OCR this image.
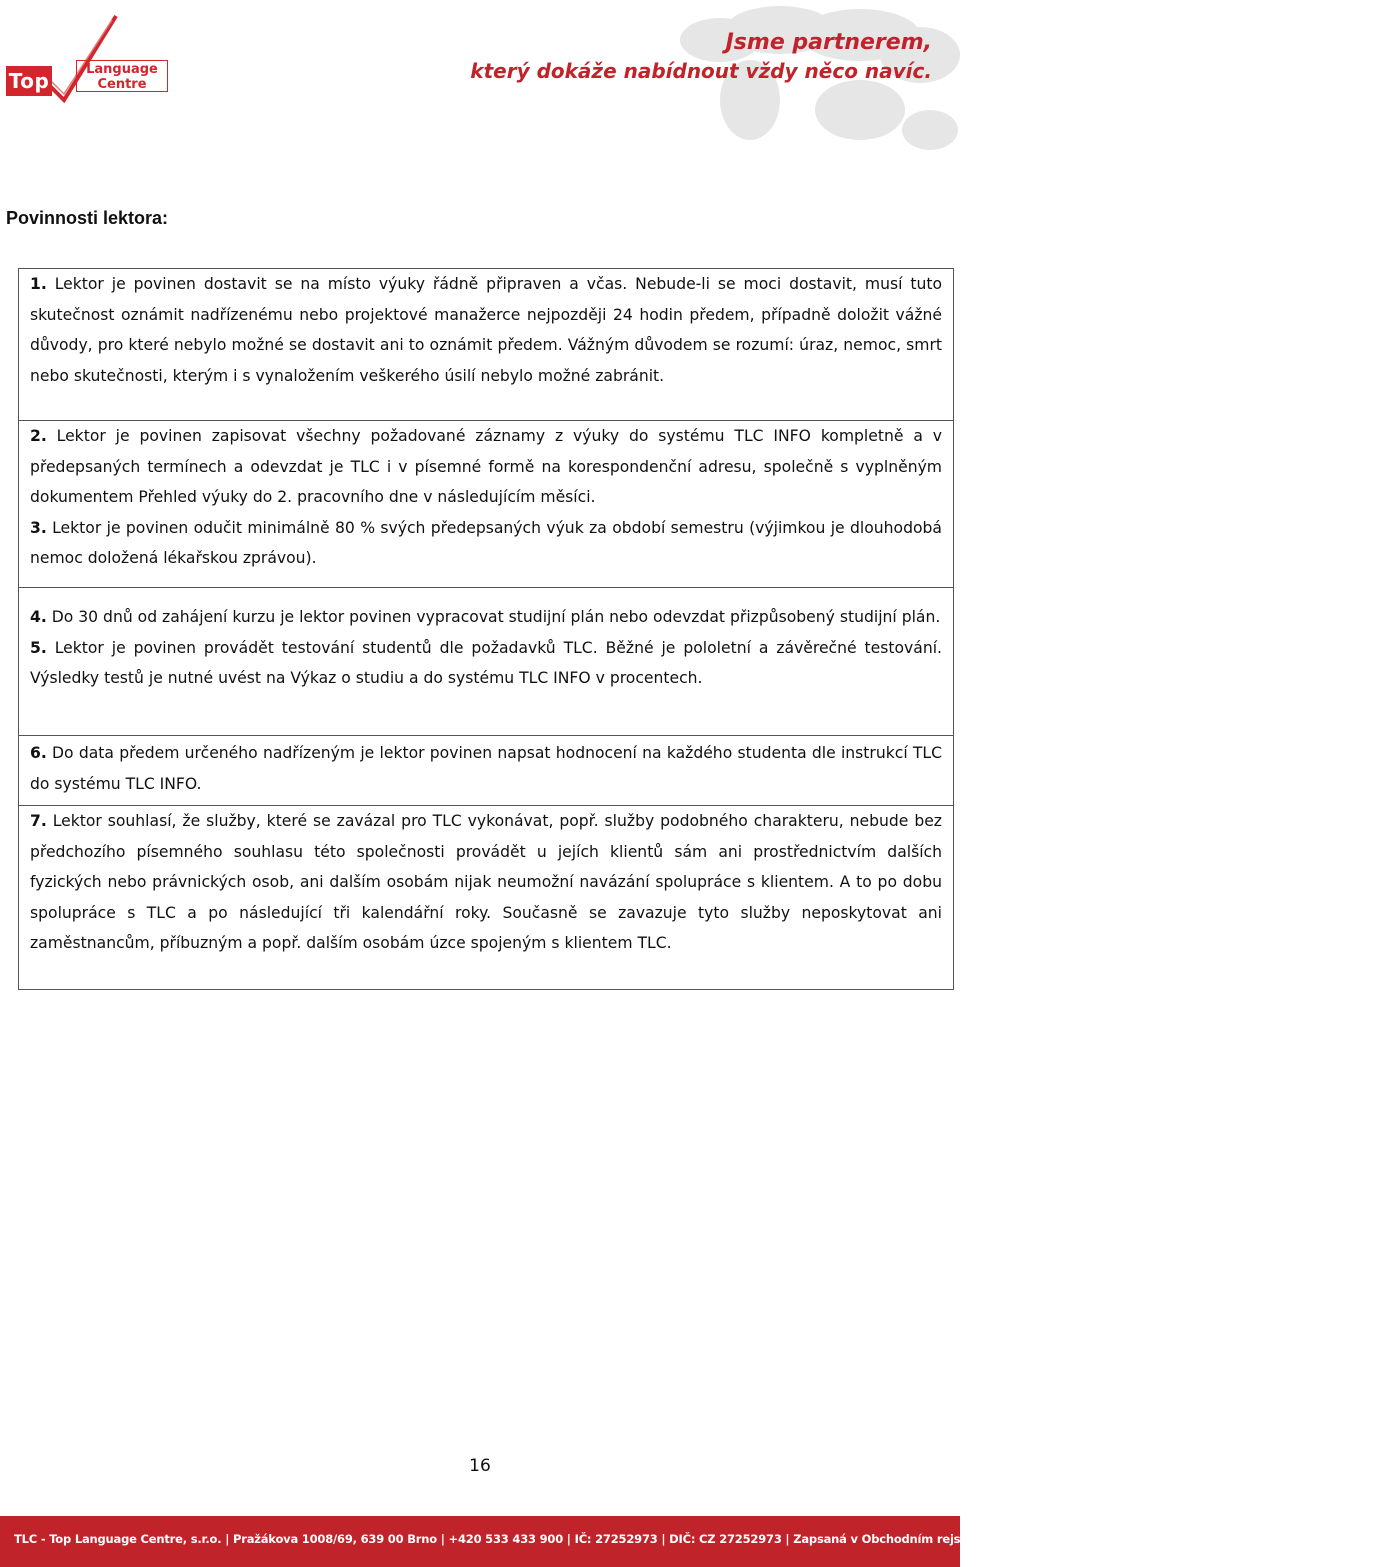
Top	Language
Centre
Jsme partnerem,
který dokáže nabídnout vždy něco navíc.
Povinnosti lektora:

1. Lektor je povinen dostavit se na místo výuky řádně připraven a včas. Nebude-li se moci dostavit, musí tuto skutečnost oznámit nadřízenému nebo projektové manažerce nejpozději 24 hodin předem, případně doložit vážné důvody, pro které nebylo možné se dostavit ani to oznámit předem. Vážným důvodem se rozumí: úraz, nemoc, smrt nebo skutečnosti, kterým i s vynaložením veškerého úsilí nebylo možné zabránit.

2. Lektor je povinen zapisovat všechny požadované záznamy z výuky do systému TLC INFO kompletně a v předepsaných termínech a odevzdat je TLC i v písemné formě na korespondenční adresu, společně s vyplněným dokumentem Přehled výuky do 2. pracovního dne v následujícím měsíci.

3. Lektor je povinen odučit minimálně 80 % svých předepsaných výuk za období semestru (výjimkou je dlouhodobá nemoc doložená lékařskou zprávou).

4. Do 30 dnů od zahájení kurzu je lektor povinen vypracovat studijní plán nebo odevzdat přizpůsobený studijní plán.

5. Lektor je povinen provádět testování studentů dle požadavků TLC. Běžné je pololetní a závěrečné testování. Výsledky testů je nutné uvést na Výkaz o studiu a do systému TLC INFO v procentech.

6. Do data předem určeného nadřízeným je lektor povinen napsat hodnocení na každého studenta dle instrukcí TLC do systému TLC INFO.

7. Lektor souhlasí, že služby, které se zavázal pro TLC vykonávat, popř. služby podobného charakteru, nebude bez předchozího písemného souhlasu této společnosti provádět u jejích klientů sám ani prostřednictvím dalších fyzických nebo právnických osob, ani dalším osobám nijak neumožní navázání spolupráce s klientem. A to po dobu spolupráce s TLC a po následující tři kalendářní roky. Současně se zavazuje tyto služby neposkytovat ani zaměstnancům, příbuzným a popř. dalším osobám úzce spojeným s klientem TLC.

16
TLC - Top Language Centre, s.r.o. | Pražákova 1008/69, 639 00 Brno | +420 533 433 900 | IČ: 27252973 | DIČ: CZ 27252973 | Zapsaná v Obchodním rejstříku u Krajského soudu v Brně, oddíl C, vložka 51914 | www.tlc.cz
